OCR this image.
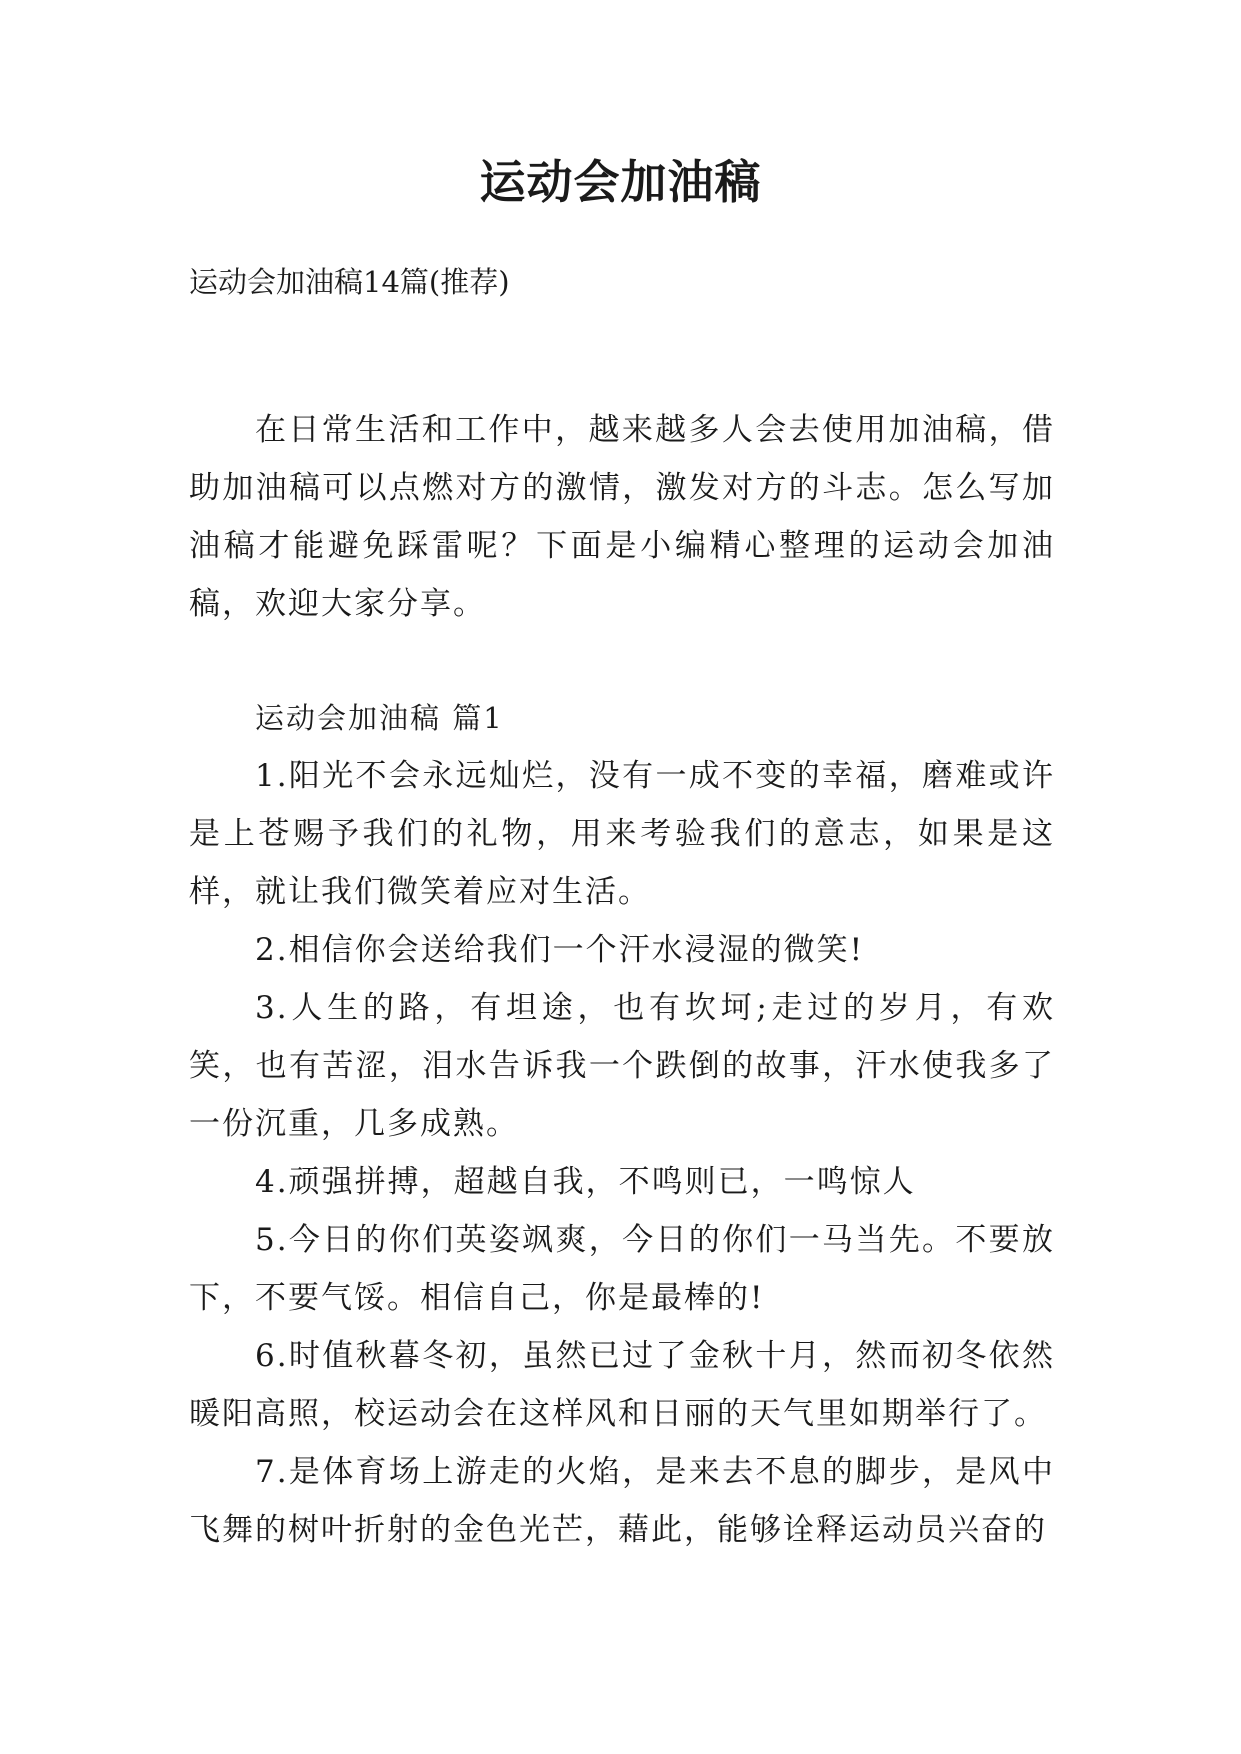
运动会加油稿
运动会加油稿14篇(推荐)

在日常生活和工作中，越来越多人会去使用加油稿，借助加油稿可以点燃对方的激情，激发对方的斗志。怎么写加油稿才能避免踩雷呢？下面是小编精心整理的运动会加油稿，欢迎大家分享。

运动会加油稿 篇1

1.阳光不会永远灿烂，没有一成不变的幸福，磨难或许是上苍赐予我们的礼物，用来考验我们的意志，如果是这样，就让我们微笑着应对生活。

2.相信你会送给我们一个汗水浸湿的微笑!

3.人生的路，有坦途，也有坎坷;走过的岁月，有欢笑，也有苦涩，泪水告诉我一个跌倒的故事，汗水使我多了一份沉重，几多成熟。

4.顽强拼搏，超越自我，不鸣则已，一鸣惊人

5.今日的你们英姿飒爽，今日的你们一马当先。不要放下，不要气馁。相信自己，你是最棒的!

6.时值秋暮冬初，虽然已过了金秋十月，然而初冬依然暖阳高照，校运动会在这样风和日丽的天气里如期举行了。

7.是体育场上游走的火焰，是来去不息的脚步，是风中飞舞的树叶折射的金色光芒，藉此，能够诠释运动员兴奋的
